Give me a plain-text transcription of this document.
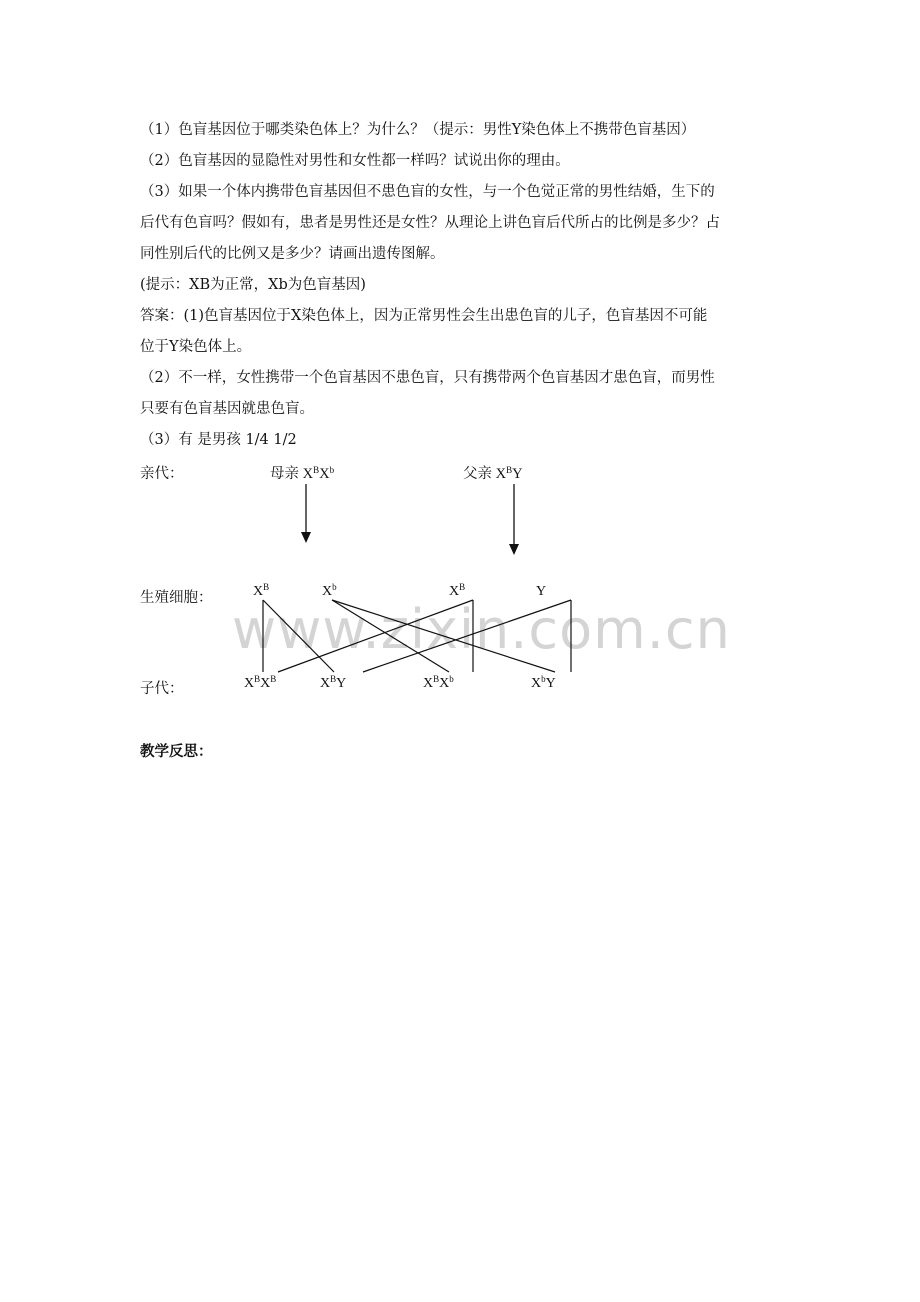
（1）色盲基因位于哪类染色体上？为什么？（提示：男性Y染色体上不携带色盲基因）
（2）色盲基因的显隐性对男性和女性都一样吗？试说出你的理由。
（3）如果一个体内携带色盲基因但不患色盲的女性，与一个色觉正常的男性结婚，生下的
后代有色盲吗？假如有，患者是男性还是女性？从理论上讲色盲后代所占的比例是多少？占
同性别后代的比例又是多少？请画出遗传图解。
(提示：XB为正常，Xb为色盲基因)
答案：(1)色盲基因位于X染色体上，因为正常男性会生出患色盲的儿子，色盲基因不可能
位于Y染色体上。
（2）不一样，女性携带一个色盲基因不患色盲，只有携带两个色盲基因才患色盲，而男性
只要有色盲基因就患色盲。
（3）有 是男孩 1/4 1/2
www.zixin.com.cn
亲代：
生殖细胞：
子代：
母亲 $X^BX^b$	父亲 $X^BY$
$X^B$	$X^b$	$X^B$	Y
$X^BX^B$	$X^BY$	$X^BX^b$	$X^bY$
教学反思：
